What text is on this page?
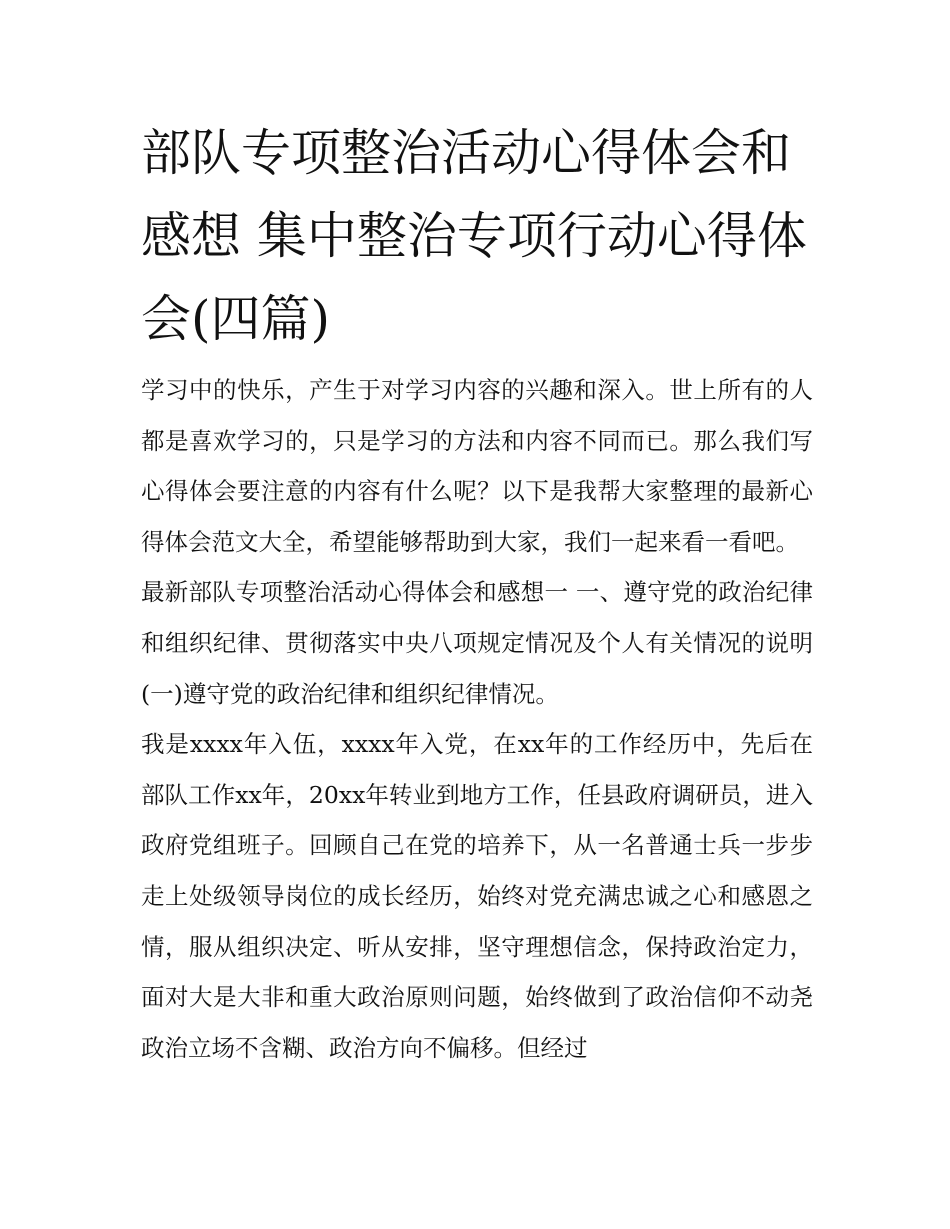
部队专项整治活动心得体会和感想 集中整治专项行动心得体会(四篇)

学习中的快乐，产生于对学习内容的兴趣和深入。世上所有的人都是喜欢学习的，只是学习的方法和内容不同而已。那么我们写心得体会要注意的内容有什么呢？以下是我帮大家整理的最新心得体会范文大全，希望能够帮助到大家，我们一起来看一看吧。

最新部队专项整治活动心得体会和感想一 一、遵守党的政治纪律和组织纪律、贯彻落实中央八项规定情况及个人有关情况的说明 (一)遵守党的政治纪律和组织纪律情况。

我是xxxx年入伍，xxxx年入党，在xx年的工作经历中，先后在部队工作xx年，20xx年转业到地方工作，任县政府调研员，进入政府党组班子。回顾自己在党的培养下，从一名普通士兵一步步走上处级领导岗位的成长经历，始终对党充满忠诚之心和感恩之情，服从组织决定、听从安排，坚守理想信念，保持政治定力，面对大是大非和重大政治原则问题，始终做到了政治信仰不动尧政治立场不含糊、政治方向不偏移。但经过
